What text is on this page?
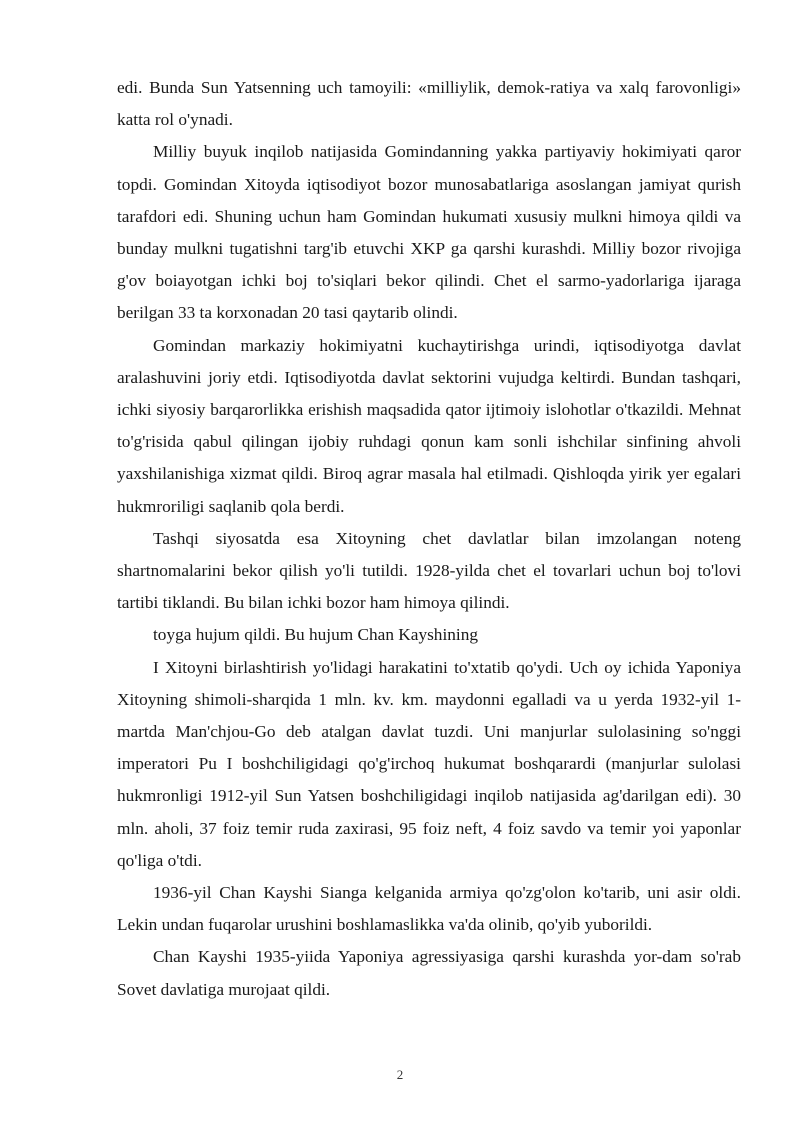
edi. Bunda Sun Yatsenning uch tamoyili: «milliylik, demok-ratiya va xalq farovonligi» katta rol o'ynadi.

Milliy buyuk inqilob natijasida Gomindanning yakka partiyaviy hokimiyati qaror topdi. Gomindan Xitoyda iqtisodiyot bozor munosabatlariga asoslangan jamiyat qurish tarafdori edi. Shuning uchun ham Gomindan hukumati xususiy mulkni himoya qildi va bunday mulkni tugatishni targ'ib etuvchi XKP ga qarshi kurashdi. Milliy bozor rivojiga g'ov boiayotgan ichki boj to'siqlari bekor qilindi. Chet el sarmo-yadorlariga ijaraga berilgan 33 ta korxonadan 20 tasi qaytarib olindi.

Gomindan markaziy hokimiyatni kuchaytirishga urindi, iqtisodiyotga davlat aralashuvini joriy etdi. Iqtisodiyotda davlat sektorini vujudga keltirdi. Bundan tashqari, ichki siyosiy barqarorlikka erishish maqsadida qator ijtimoiy islohotlar o'tkazildi. Mehnat to'g'risida qabul qilingan ijobiy ruhdagi qonun kam sonli ishchilar sinfining ahvoli yaxshilanishiga xizmat qildi. Biroq agrar masala hal etilmadi. Qishloqda yirik yer egalari hukmroriligi saqlanib qola berdi.

Tashqi siyosatda esa Xitoyning chet davlatlar bilan imzolangan noteng shartnomalarini bekor qilish yo'li tutildi. 1928-yilda chet el tovarlari uchun boj to'lovi tartibi tiklandi. Bu bilan ichki bozor ham himoya qilindi.

toyga hujum qildi. Bu hujum Chan Kayshining

I Xitoyni birlashtirish yo'lidagi harakatini to'xtatib qo'ydi. Uch oy ichida Yaponiya Xitoyning shimoli-sharqida 1 mln. kv. km. maydonni egalladi va u yerda 1932-yil 1-martda Man'chjou-Go deb atalgan davlat tuzdi. Uni manjurlar sulolasining so'nggi imperatori Pu I boshchiligidagi qo'g'irchoq hukumat boshqarardi (manjurlar sulolasi hukmronligi 1912-yil Sun Yatsen boshchiligidagi inqilob natijasida ag'darilgan edi). 30 mln. aholi, 37 foiz temir ruda zaxirasi, 95 foiz neft, 4 foiz savdo va temir yoi yaponlar qo'liga o'tdi.

1936-yil Chan Kayshi Sianga kelganida armiya qo'zg'olon ko'tarib, uni asir oldi. Lekin undan fuqarolar urushini boshlamaslikka va'da olinib, qo'yib yuborildi.

Chan Kayshi 1935-yiida Yaponiya agressiyasiga qarshi kurashda yor-dam so'rab Sovet davlatiga murojaat qildi.

2
